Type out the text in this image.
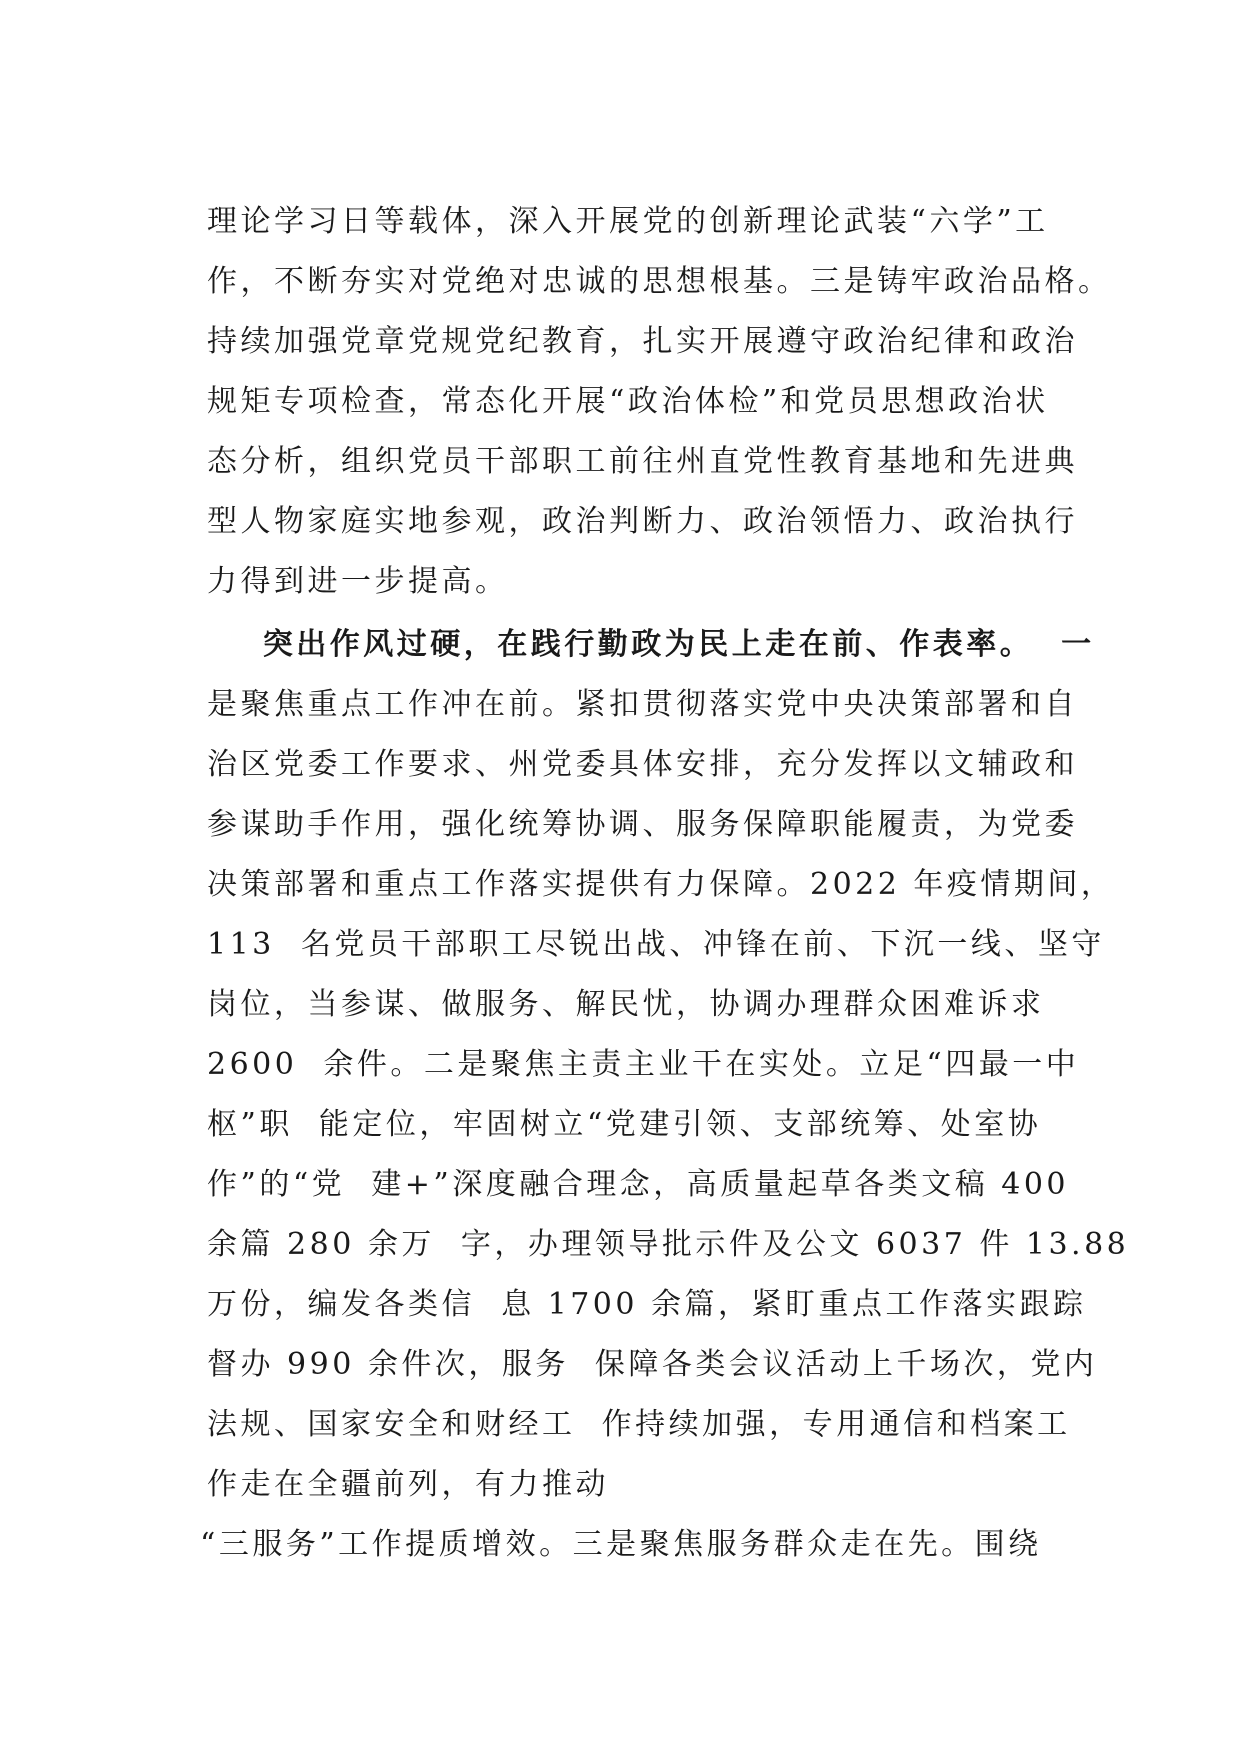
理论学习日等载体，深入开展党的创新理论武装“六学”工
作，不断夯实对党绝对忠诚的思想根基。三是铸牢政治品格。
持续加强党章党规党纪教育，扎实开展遵守政治纪律和政治
规矩专项检查，常态化开展“政治体检”和党员思想政治状
态分析，组织党员干部职工前往州直党性教育基地和先进典
型人物家庭实地参观，政治判断力、政治领悟力、政治执行
力得到进一步提高。
突出作风过硬，在践行勤政为民上走在前、作表率。  一
是聚焦重点工作冲在前。紧扣贯彻落实党中央决策部署和自
治区党委工作要求、州党委具体安排，充分发挥以文辅政和
参谋助手作用，强化统筹协调、服务保障职能履责，为党委
决策部署和重点工作落实提供有力保障。2022 年疫情期间，
113  名党员干部职工尽锐出战、冲锋在前、下沉一线、坚守
岗位，当参谋、做服务、解民忧，协调办理群众困难诉求
2600  余件。二是聚焦主责主业干在实处。立足“四最一中
枢”职  能定位，牢固树立“党建引领、支部统筹、处室协
作”的“党  建+”深度融合理念，高质量起草各类文稿 400
余篇 280 余万  字，办理领导批示件及公文 6037 件 13.88
万份，编发各类信  息 1700 余篇，紧盯重点工作落实跟踪
督办 990 余件次，服务  保障各类会议活动上千场次，党内
法规、国家安全和财经工  作持续加强，专用通信和档案工
作走在全疆前列，有力推动
“三服务”工作提质增效。三是聚焦服务群众走在先。围绕
